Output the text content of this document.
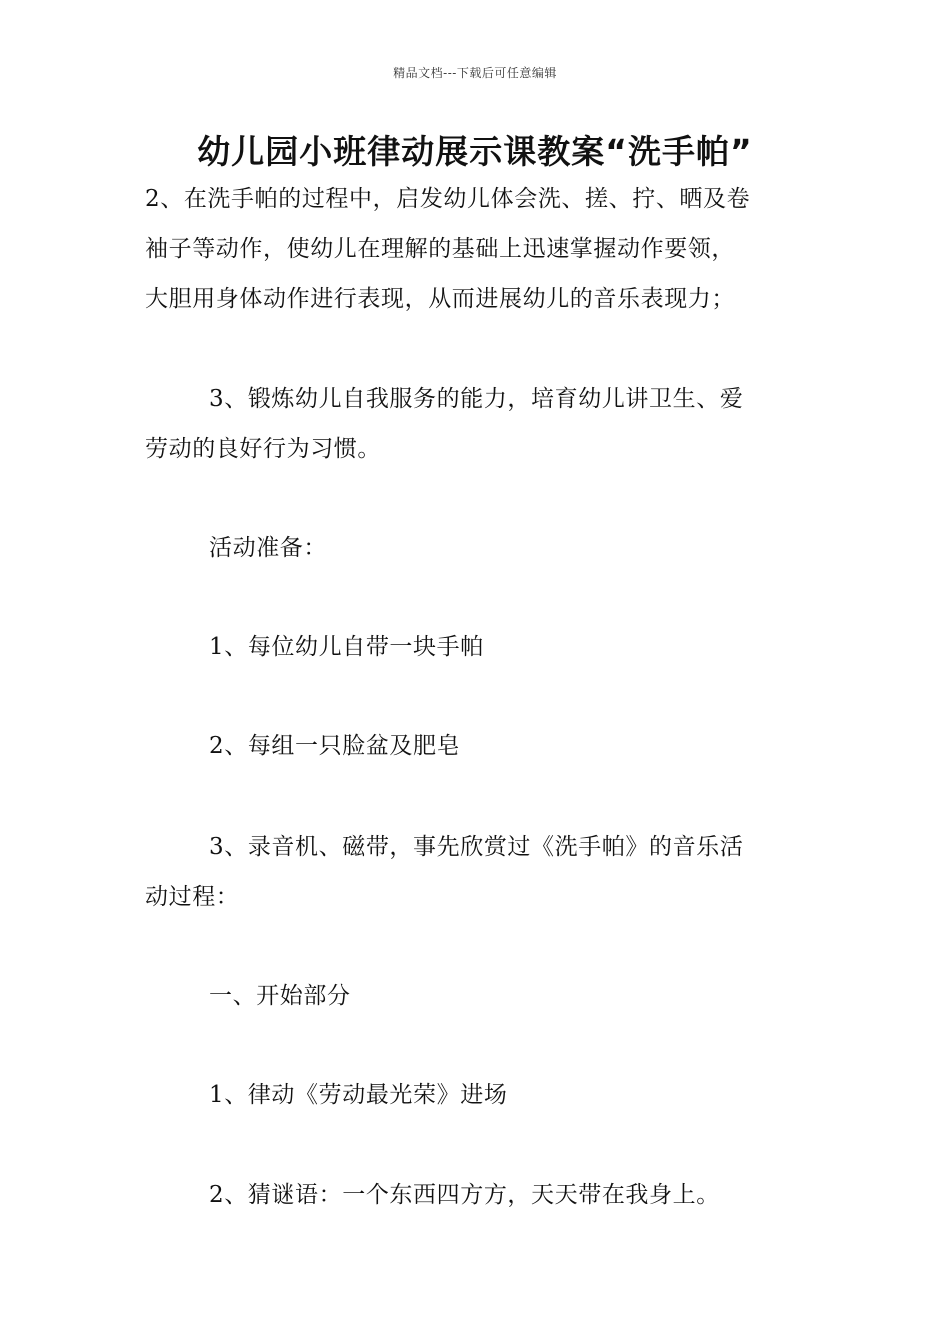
精品文档---下载后可任意编辑
幼儿园小班律动展示课教案“洗手帕”
2、在洗手帕的过程中，启发幼儿体会洗、搓、拧、晒及卷
袖子等动作，使幼儿在理解的基础上迅速掌握动作要领，
大胆用身体动作进行表现，从而进展幼儿的音乐表现力；
3、锻炼幼儿自我服务的能力，培育幼儿讲卫生、爱
劳动的良好行为习惯。
活动准备：
1、每位幼儿自带一块手帕
2、每组一只脸盆及肥皂
3、录音机、磁带，事先欣赏过《洗手帕》的音乐活
动过程：
一、开始部分
1、律动《劳动最光荣》进场
2、猜谜语：一个东西四方方，天天带在我身上。
